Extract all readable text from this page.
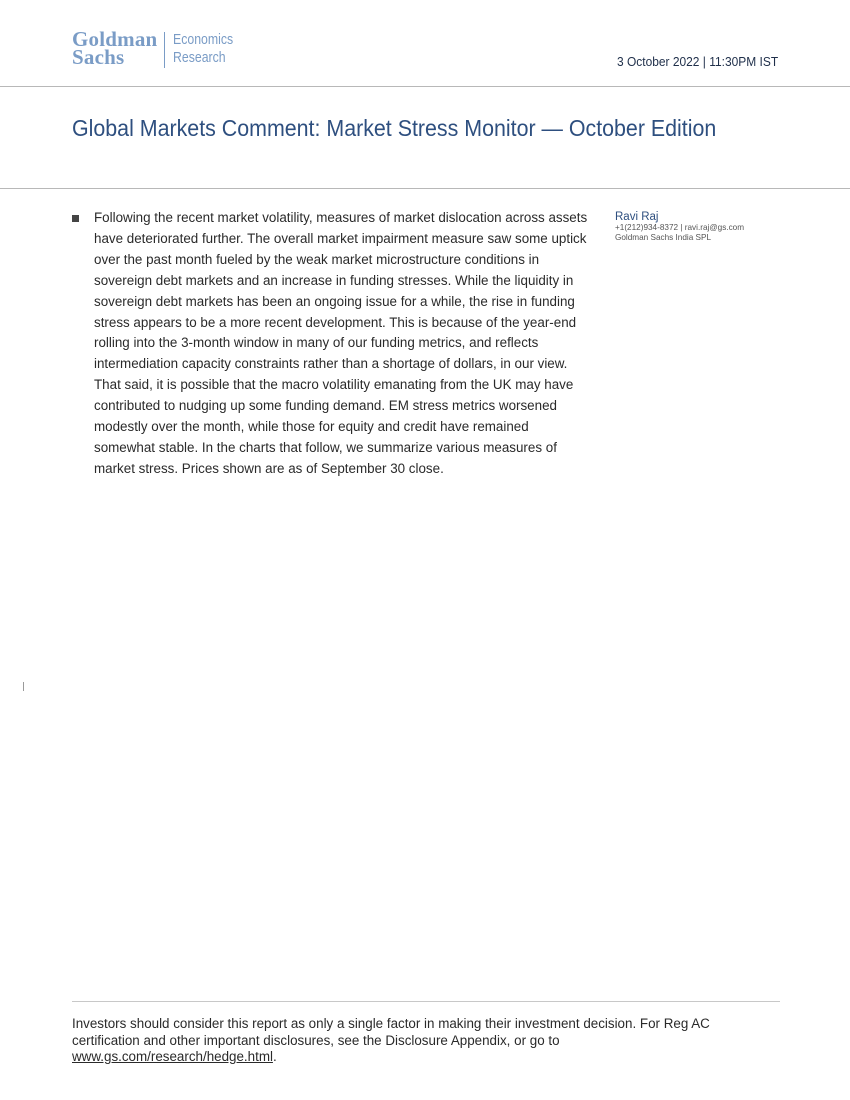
Goldman
Sachs
Economics
Research	3 October 2022 | 11:30PM IST
Global Markets Comment: Market Stress Monitor — October Edition

Following the recent market volatility, measures of market dislocation across assets have deteriorated further. The overall market impairment measure saw some uptick over the past month fueled by the weak market microstructure conditions in sovereign debt markets and an increase in funding stresses. While the liquidity in sovereign debt markets has been an ongoing issue for a while, the rise in funding stress appears to be a more recent development. This is because of the year-end rolling into the 3-month window in many of our funding metrics, and reflects intermediation capacity constraints rather than a shortage of dollars, in our view. That said, it is possible that the macro volatility emanating from the UK may have contributed to nudging up some funding demand. EM stress metrics worsened modestly over the month, while those for equity and credit have remained somewhat stable. In the charts that follow, we summarize various measures of market stress. Prices shown are as of September 30 close.

Ravi Raj
+1(212)934-8372 | ravi.raj@gs.com
Goldman Sachs India SPL

Investors should consider this report as only a single factor in making their investment decision. For Reg AC certification and other important disclosures, see the Disclosure Appendix, or go to
www.gs.com/research/hedge.html.
